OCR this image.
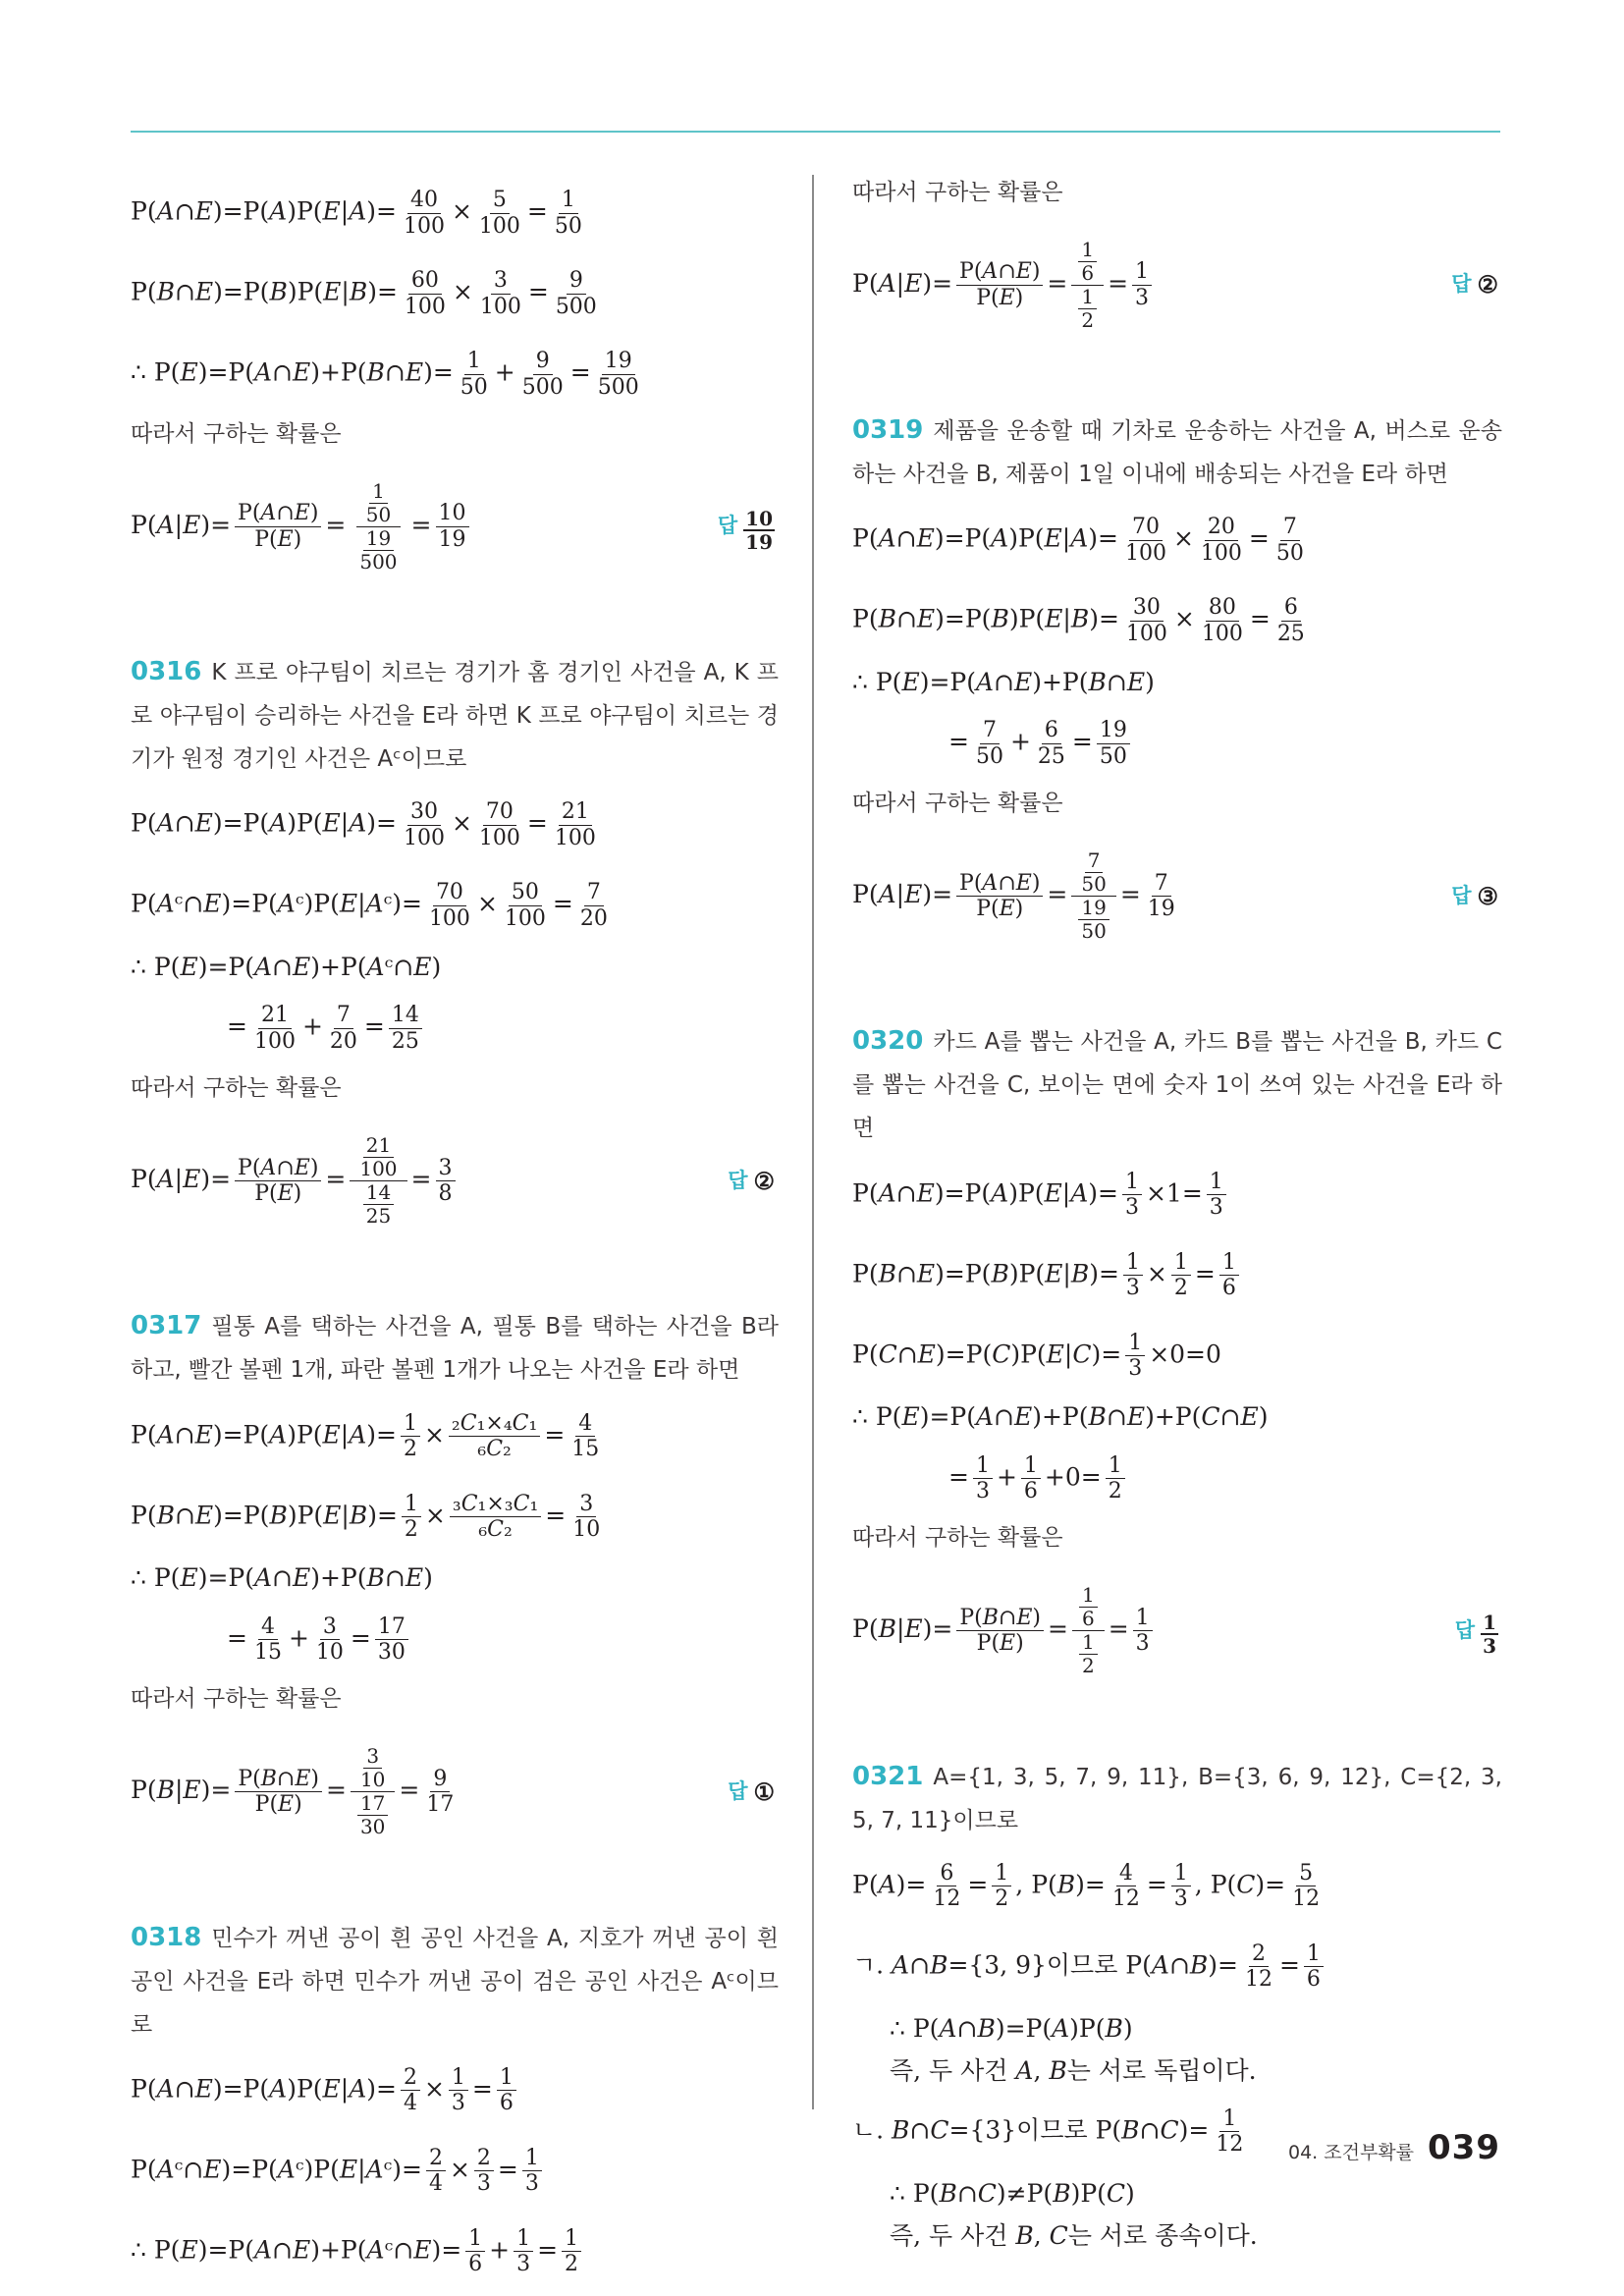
P(A∩E)=P(A)P(E|A)= $\frac{40}{100} \times \frac{5}{100} = \frac{1}{50}$
P(B∩E)=P(B)P(E|B)= $\frac{60}{100} \times \frac{3}{100} = \frac{9}{500}$
∴ P(E)=P(A∩E)+P(B∩E)= $\frac{1}{50} + \frac{9}{500} = \frac{19}{500}$
따라서 구하는 확률은
$P(A|E)= \frac{P(A\cap E)}{P(E)} = \frac{\frac{1}{50}}{\frac{19}{500}} = \frac{10}{19}$	답 $\frac{10}{19}$
0316 K 프로 야구팀이 치르는 경기가 홈 경기인 사건을 A, K 프로 야구팀이 승리하는 사건을 E라 하면 K 프로 야구팀이 치르는 경기가 원정 경기인 사건은 Aᶜ이므로
P(A∩E)=P(A)P(E|A)= $\frac{30}{100} \times \frac{70}{100} = \frac{21}{100}$
P(Aᶜ∩E)=P(Aᶜ)P(E|Aᶜ)= $\frac{70}{100} \times \frac{50}{100} = \frac{7}{20}$
∴ P(E)=P(A∩E)+P(Aᶜ∩E)
= $\frac{21}{100} + \frac{7}{20} = \frac{14}{25}$
따라서 구하는 확률은
$P(A|E)= \frac{P(A\cap E)}{P(E)} = \frac{\frac{21}{100}}{\frac{14}{25}} = \frac{3}{8}$	답 ②
0317 필통 A를 택하는 사건을 A, 필통 B를 택하는 사건을 B라 하고, 빨간 볼펜 1개, 파란 볼펜 1개가 나오는 사건을 E라 하면
P(A∩E)=P(A)P(E|A)= $\frac{1}{2} \times \frac{\text{₂C₁×₄C₁}}{\text{₆C₂}} = \frac{4}{15}$
P(B∩E)=P(B)P(E|B)= $\frac{1}{2} \times \frac{\text{₃C₁×₃C₁}}{\text{₆C₂}} = \frac{3}{10}$
∴ P(E)=P(A∩E)+P(B∩E)
= $\frac{4}{15} + \frac{3}{10} = \frac{17}{30}$
따라서 구하는 확률은
$P(B|E)= \frac{P(B\cap E)}{P(E)} = \frac{\frac{3}{10}}{\frac{17}{30}} = \frac{9}{17}$	답 ①
0318 민수가 꺼낸 공이 흰 공인 사건을 A, 지호가 꺼낸 공이 흰 공인 사건을 E라 하면 민수가 꺼낸 공이 검은 공인 사건은 Aᶜ이므로
P(A∩E)=P(A)P(E|A)= $\frac{2}{4} \times \frac{1}{3} = \frac{1}{6}$
P(Aᶜ∩E)=P(Aᶜ)P(E|Aᶜ)= $\frac{2}{4} \times \frac{2}{3} = \frac{1}{3}$
∴ P(E)=P(A∩E)+P(Aᶜ∩E)= $\frac{1}{6} + \frac{1}{3} = \frac{1}{2}$
따라서 구하는 확률은
$P(A|E)= \frac{P(A\cap E)}{P(E)} = \frac{\frac{1}{6}}{\frac{1}{2}} = \frac{1}{3}$	답 ②
0319 제품을 운송할 때 기차로 운송하는 사건을 A, 버스로 운송하는 사건을 B, 제품이 1일 이내에 배송되는 사건을 E라 하면
P(A∩E)=P(A)P(E|A)= $\frac{70}{100} \times \frac{20}{100} = \frac{7}{50}$
P(B∩E)=P(B)P(E|B)= $\frac{30}{100} \times \frac{80}{100} = \frac{6}{25}$
∴ P(E)=P(A∩E)+P(B∩E)
= $\frac{7}{50} + \frac{6}{25} = \frac{19}{50}$
따라서 구하는 확률은
$P(A|E)= \frac{P(A\cap E)}{P(E)} = \frac{\frac{7}{50}}{\frac{19}{50}} = \frac{7}{19}$	답 ③
0320 카드 A를 뽑는 사건을 A, 카드 B를 뽑는 사건을 B, 카드 C를 뽑는 사건을 C, 보이는 면에 숫자 1이 쓰여 있는 사건을 E라 하면
P(A∩E)=P(A)P(E|A)= $\frac{1}{3} \times 1= \frac{1}{3}$
P(B∩E)=P(B)P(E|B)= $\frac{1}{3} \times \frac{1}{2} = \frac{1}{6}$
P(C∩E)=P(C)P(E|C)= $\frac{1}{3} \times 0=0$
∴ P(E)=P(A∩E)+P(B∩E)+P(C∩E)
= $\frac{1}{3} + \frac{1}{6} +0= \frac{1}{2}$
따라서 구하는 확률은
$P(B|E)= \frac{P(B\cap E)}{P(E)} = \frac{\frac{1}{6}}{\frac{1}{2}} = \frac{1}{3}$	답 $\frac{1}{3}$
0321 A={1, 3, 5, 7, 9, 11}, B={3, 6, 9, 12}, C={2, 3, 5, 7, 11}이므로
$P(A)= \frac{6}{12} = \frac{1}{2}$ , $P(B)= \frac{4}{12} = \frac{1}{3}$ , $P(C)= \frac{5}{12}$
ㄱ. A∩B={3, 9}이므로 P(A∩B)= $\frac{2}{12} = \frac{1}{6}$
∴ P(A∩B)=P(A)P(B)
즉, 두 사건 A, B는 서로 독립이다.
ㄴ. B∩C={3}이므로 P(B∩C)= $\frac{1}{12}$
∴ P(B∩C)≠P(B)P(C)
즉, 두 사건 B, C는 서로 종속이다.
04. 조건부확률 039
